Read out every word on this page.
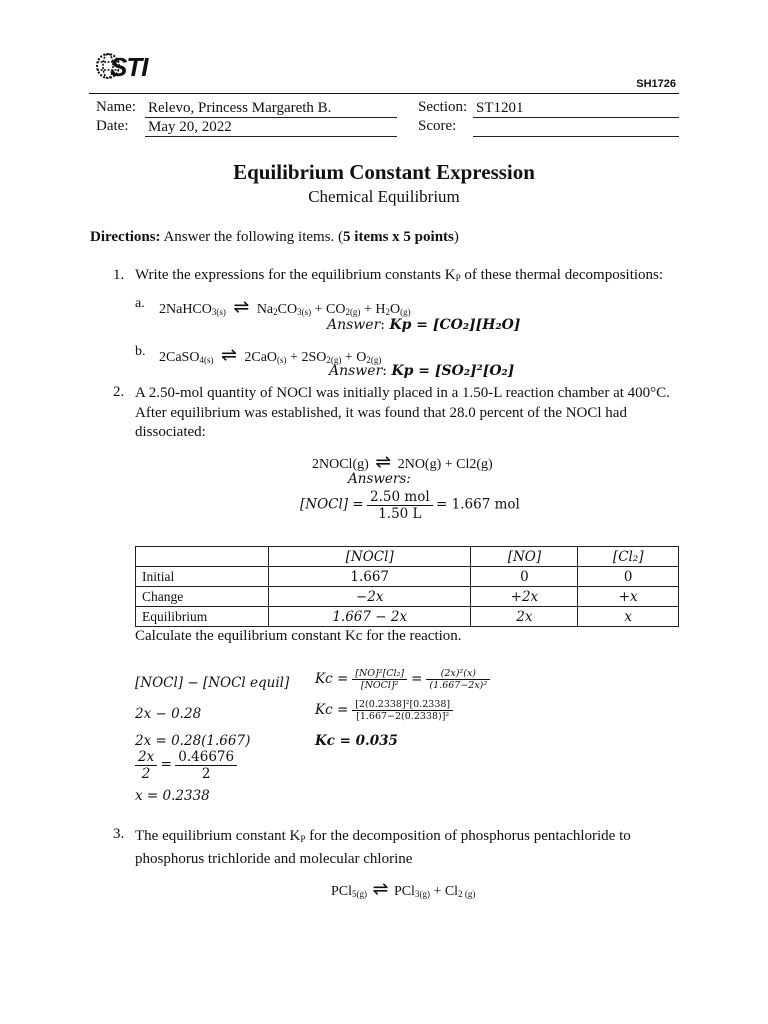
STI
SH1726
Name: Relevo, Princess Margareth B.
Date: May 20, 2022
Section: ST1201
Score:
Equilibrium Constant Expression
Chemical Equilibrium
Directions: Answer the following items. (5 items x 5 points)
1. Write the expressions for the equilibrium constants $K_P$ of these thermal decompositions:
a. 2NaHCO$_{3(s)}$ ⇌ $Na_2CO_{3(s)} + CO_{2(g)} + H_2O_{(g)}$
Answer: Kp = [CO₂][H₂O]
b. 2CaSO$_{4(s)}$ ⇌ $2CaO_{(s)} + 2SO_{2(g)} + O_{2(g)}$
Answer: Kp = [SO₂]²[O₂]
2. A 2.50-mol quantity of NOCl was initially placed in a 1.50-L reaction chamber at 400°C. After equilibrium was established, it was found that 28.0 percent of the NOCl had dissociated:
2NOCl(g) ⇌ 2NO(g) + Cl2(g)
Answers:
[NOCl] = $\frac{\text{2.50 mol}}{1.50 L} = 1.667$ mol
	[NOCl]	[NO]	[Cl₂]
Initial	1.667	0	0
Change	−2x	+2x	+x
Equilibrium	1.667 − 2x	2x	x
Calculate the equilibrium constant Kc for the reaction.
[NOCl] − [NOCl equil]
2x − 0.28
2x = 0.28(1.667)
$\frac{2x}{2} = \frac{0.46676}{2}$
x = 0.2338
$Kc = \frac{\text{[NO]²[Cl₂]}}{\text{[NOCl]²}} = \frac{\text{(2x)²(x)}}{\text{(1.667−2x)²}}$
$Kc = \frac{\text{[2(0.2338]²[0.2338]}}{\text{[1.667−2(0.2338)]²}}$
Kc = 0.035
3. The equilibrium constant $K_P$ for the decomposition of phosphorus pentachloride to phosphorus trichloride and molecular chlorine
PCl$_{5(g)}$ ⇌ $PCl_{3(g)} + Cl_{2 (g)}$
